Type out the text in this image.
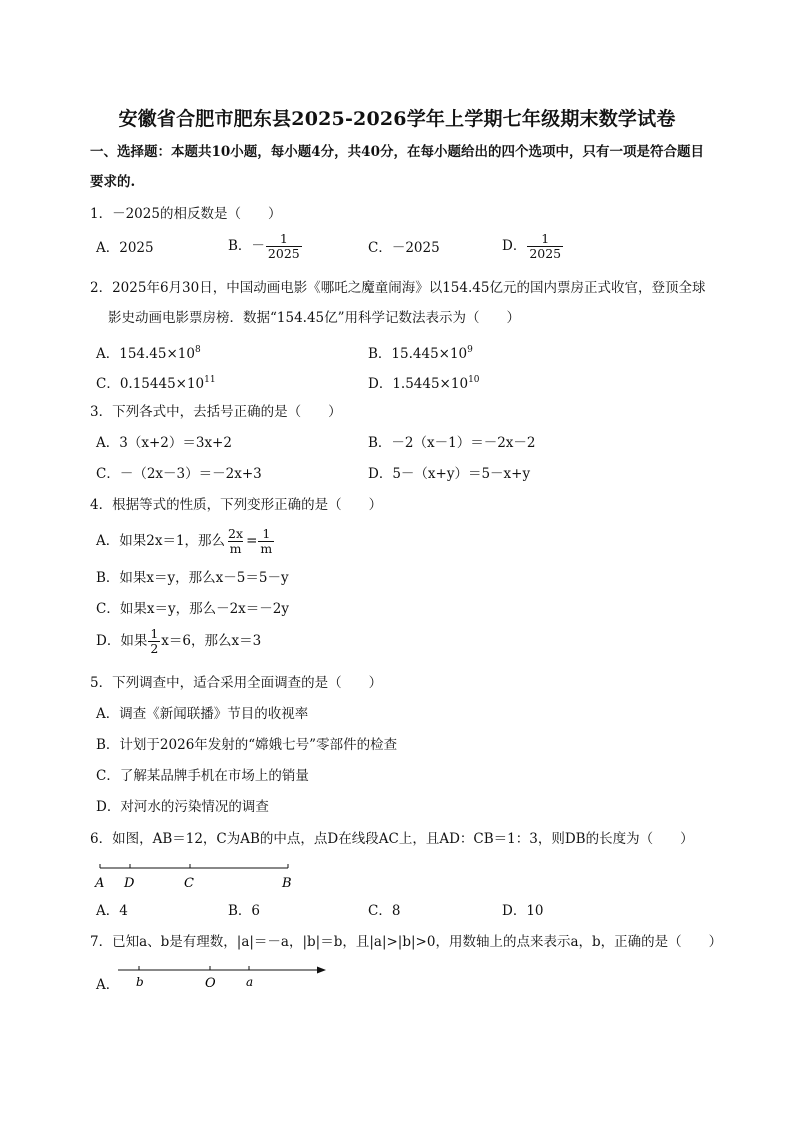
安徽省合肥市肥东县2025-2026学年上学期七年级期末数学试卷
一、选择题：本题共10小题，每小题4分，共40分，在每小题给出的四个选项中，只有一项是符合题目
要求的.
1．－2025的相反数是（　　）
A．2025	B．－ $\frac{1}{2025}$	C．－2025	D． $\frac{1}{2025}$
2．2025年6月30日，中国动画电影《哪吒之魔童闹海》以154.45亿元的国内票房正式收官，登顶全球
影史动画电影票房榜．数据“154.45亿”用科学记数法表示为（　　）
A．$154.45\times 10^8$	B．$15.445\times 10^9$
C．$0.15445\times 10^{11}$	D．$1.5445\times 10^{10}$
3．下列各式中，去括号正确的是（　　）
A．3（x+2）＝3x+2	B．－2（x－1）＝－2x－2
C．－（2x－3）＝－2x+3	D．5－（x+y）＝5－x+y
4．根据等式的性质，下列变形正确的是（　　）
A．如果2x＝1，那么 $\frac{2x}{m} = \frac{1}{m}$
B．如果x＝y，那么x－5＝5－y
C．如果x＝y，那么－2x＝－2y
D．如果 $\frac{1}{2} x=6$，那么x＝3
5．下列调查中，适合采用全面调查的是（　　）
A．调查《新闻联播》节目的收视率
B．计划于2026年发射的“嫦娥七号”零部件的检查
C．了解某品牌手机在市场上的销量
D．对河水的污染情况的调查
6．如图，AB＝12，C为AB的中点，点D在线段AC上，且AD：CB＝1：3，则DB的长度为（　　）
A D	C	B
A．4	B．6	C．8	D．10
7．已知a、b是有理数，|a|＝－a，|b|＝b，且|a|>|b|>0，用数轴上的点来表示a，b，正确的是（　　）
A． b	O	a
